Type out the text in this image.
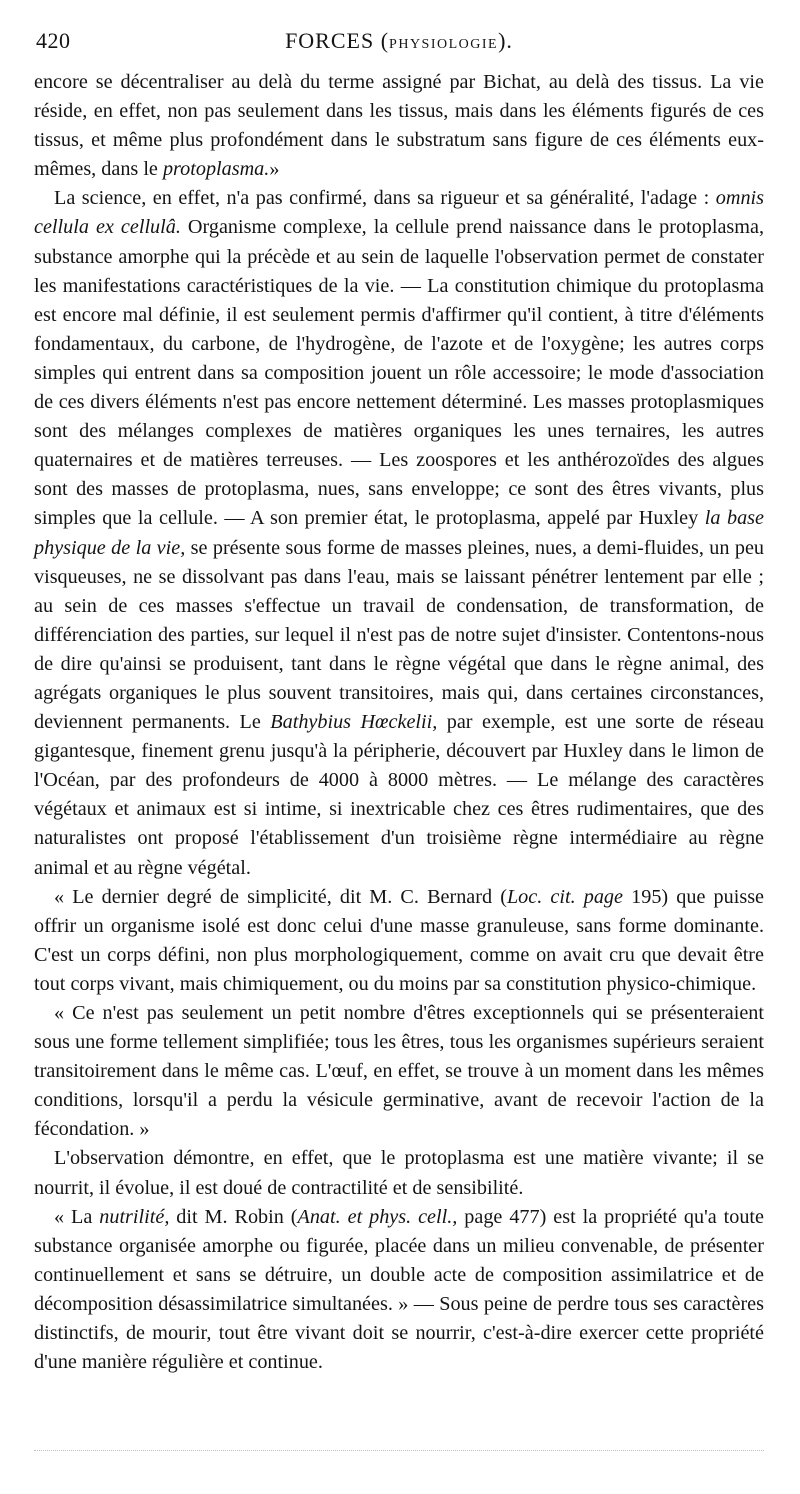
420	FORCES (PHYSIOLOGIE).

encore se décentraliser au delà du terme assigné par Bichat, au delà des tissus. La vie réside, en effet, non pas seulement dans les tissus, mais dans les éléments figurés de ces tissus, et même plus profondément dans le substratum sans figure de ces éléments eux-mêmes, dans le protoplasma.»

La science, en effet, n'a pas confirmé, dans sa rigueur et sa généralité, l'adage : omnis cellula ex cellulâ. Organisme complexe, la cellule prend naissance dans le protoplasma, substance amorphe qui la précède et au sein de laquelle l'observation permet de constater les manifestations caractéristiques de la vie. — La constitution chimique du protoplasma est encore mal définie, il est seulement permis d'affirmer qu'il contient, à titre d'éléments fondamentaux, du carbone, de l'hydrogène, de l'azote et de l'oxygène; les autres corps simples qui entrent dans sa composition jouent un rôle accessoire; le mode d'association de ces divers éléments n'est pas encore nettement déterminé. Les masses protoplasmiques sont des mélanges complexes de matières organiques les unes ternaires, les autres quaternaires et de matières terreuses. — Les zoospores et les anthérozoïdes des algues sont des masses de protoplasma, nues, sans enveloppe; ce sont des êtres vivants, plus simples que la cellule. — A son premier état, le protoplasma, appelé par Huxley la base physique de la vie, se présente sous forme de masses pleines, nues, a demi-fluides, un peu visqueuses, ne se dissolvant pas dans l'eau, mais se laissant pénétrer lentement par elle ; au sein de ces masses s'effectue un travail de condensation, de transformation, de différenciation des parties, sur lequel il n'est pas de notre sujet d'insister. Contentons-nous de dire qu'ainsi se produisent, tant dans le règne végétal que dans le règne animal, des agrégats organiques le plus souvent transitoires, mais qui, dans certaines circonstances, deviennent permanents. Le Bathybius Hœckelii, par exemple, est une sorte de réseau gigantesque, finement grenu jusqu'à la péripherie, découvert par Huxley dans le limon de l'Océan, par des profondeurs de 4000 à 8000 mètres. — Le mélange des caractères végétaux et animaux est si intime, si inextricable chez ces êtres rudimentaires, que des naturalistes ont proposé l'établissement d'un troisième règne intermédiaire au règne animal et au règne végétal.

« Le dernier degré de simplicité, dit M. C. Bernard (Loc. cit. page 195) que puisse offrir un organisme isolé est donc celui d'une masse granuleuse, sans forme dominante. C'est un corps défini, non plus morphologiquement, comme on avait cru que devait être tout corps vivant, mais chimiquement, ou du moins par sa constitution physico-chimique.

« Ce n'est pas seulement un petit nombre d'êtres exceptionnels qui se présenteraient sous une forme tellement simplifiée; tous les êtres, tous les organismes supérieurs seraient transitoirement dans le même cas. L'œuf, en effet, se trouve à un moment dans les mêmes conditions, lorsqu'il a perdu la vésicule germinative, avant de recevoir l'action de la fécondation. »

L'observation démontre, en effet, que le protoplasma est une matière vivante; il se nourrit, il évolue, il est doué de contractilité et de sensibilité.

« La nutrilité, dit M. Robin (Anat. et phys. cell., page 477) est la propriété qu'a toute substance organisée amorphe ou figurée, placée dans un milieu convenable, de présenter continuellement et sans se détruire, un double acte de composition assimilatrice et de décomposition désassimilatrice simultanées. » — Sous peine de perdre tous ses caractères distinctifs, de mourir, tout être vivant doit se nourrir, c'est-à-dire exercer cette propriété d'une manière régulière et continue.
